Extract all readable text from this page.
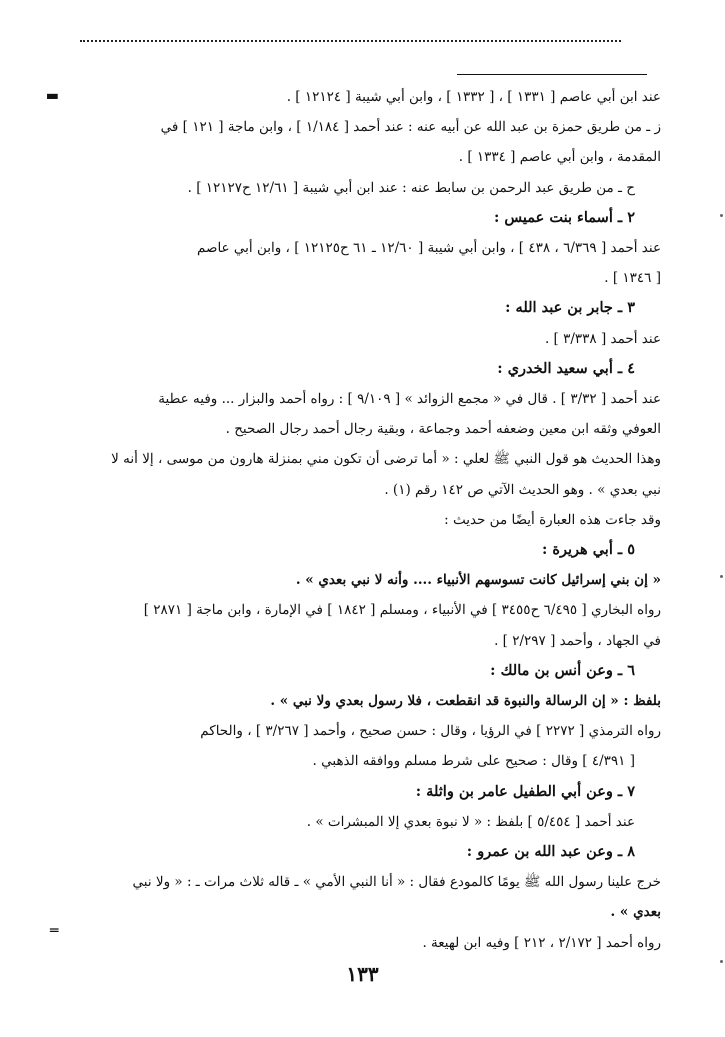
▬
═

عند ابن أبي عاصم [ ١٣٣١ ] ، [ ١٣٣٢ ] ، وابن أبي شيبة [ ١٢١٢٤ ] .

ز ـ من طريق حمزة بن عبد الله عن أبيه عنه : عند أحمد [ ١/١٨٤ ] ، وابن ماجة [ ١٢١ ] في

المقدمة ، وابن أبي عاصم [ ١٣٣٤ ] .

ح ـ من طريق عبد الرحمن بن سابط عنه : عند ابن أبي شيبة [ ١٢/٦١ ح١٢١٢٧ ] .

٢ ـ أسماء بنت عميس :

عند أحمد [ ٦/٣٦٩ ، ٤٣٨ ] ، وابن أبي شيبة [ ١٢/٦٠ ـ ٦١ ح١٢١٢٥ ] ، وابن أبي عاصم

[ ١٣٤٦ ] .

٣ ـ جابر بن عبد الله :

عند أحمد [ ٣/٣٣٨ ] .

٤ ـ أبي سعيد الخدري :

عند أحمد [ ٣/٣٢ ] . قال في « مجمع الزوائد » [ ٩/١٠٩ ] : رواه أحمد والبزار ... وفيه عطية

العوفي وثقه ابن معين وضعفه أحمد وجماعة ، وبقية رجال أحمد رجال الصحيح .

وهذا الحديث هو قول النبي ﷺ لعلي : « أما ترضى أن تكون مني بمنزلة هارون من موسى ، إلا أنه لا

نبي بعدي » . وهو الحديث الآتي ص ١٤٢ رقم (١) .

وقد جاءت هذه العبارة أيضًا من حديث :

٥ ـ أبي هريرة :

« إن بني إسرائيل كانت تسوسهم الأنبياء .... وأنه لا نبي بعدي » .

رواه البخاري [ ٦/٤٩٥ ح٣٤٥٥ ] في الأنبياء ، ومسلم [ ١٨٤٢ ] في الإمارة ، وابن ماجة [ ٢٨٧١ ]

في الجهاد ، وأحمد [ ٢/٢٩٧ ] .

٦ ـ وعن أنس بن مالك :

بلفظ : « إن الرسالة والنبوة قد انقطعت ، فلا رسول بعدي ولا نبي » .

رواه الترمذي [ ٢٢٧٢ ] في الرؤيا ، وقال : حسن صحيح ، وأحمد [ ٣/٢٦٧ ] ، والحاكم

[ ٤/٣٩١ ] وقال : صحيح على شرط مسلم ووافقه الذهبي .

٧ ـ وعن أبي الطفيل عامر بن واثلة :

عند أحمد [ ٥/٤٥٤ ] بلفظ : « لا نبوة بعدي إلا المبشرات » .

٨ ـ وعن عبد الله بن عمرو :

خرج علينا رسول الله ﷺ يومًا كالمودع فقال : « أنا النبي الأمي » ـ قاله ثلاث مرات ـ : « ولا نبي

بعدي » .

رواه أحمد [ ٢/١٧٢ ، ٢١٢ ] وفيه ابن لهيعة .

١٣٣
